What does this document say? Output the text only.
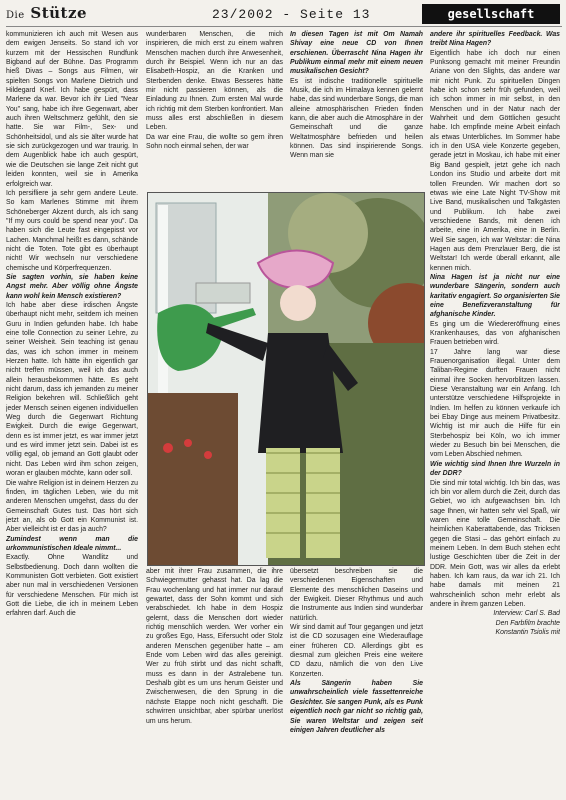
Die Stütze	23/2002 - Seite 13	gesellschaft

kommunizieren ich auch mit Wesen aus dem ewigen Jenseits. So stand ich vor kurzem mit der Hessischen Rundfunk Bigband auf der Bühne. Das Programm hieß Divas – Songs aus Filmen, wir spielten Songs von Marlene Dietrich und Hildegard Knef. Ich habe gespürt, dass Marlene da war. Bevor ich ihr Lied "Near You" sang, habe ich ihre Gegenwart, aber auch ihren Weltschmerz gefühlt, den sie hatte. Sie war Film-, Sex- und Schönheitsidol, und als sie älter wurde hat sie sich zurückgezogen und war traurig. In dem Augenblick habe ich auch gespürt, wie die Deutschen sie lange Zeit nicht gut leiden konnten, weil sie in Amerika erfolgreich war.

Ich persifliere ja sehr gern andere Leute. So kam Marlenes Stimme mit ihrem Schöneberger Akzent durch, als ich sang "If my ours could be spend near you". Da haben sich die Leute fast eingepisst vor Lachen. Manchmal heißt es dann, schände nicht die Toten. Tote gibt es überhaupt nicht! Wir wechseln nur verschiedene chemische und Körperfrequenzen.

Sie sagten vorhin, sie haben keine Angst mehr. Aber völlig ohne Ängste kann wohl kein Mensch existieren?

Ich habe aber diese irdischen Ängste überhaupt nicht mehr, seitdem ich meinen Guru in Indien gefunden habe. Ich habe eine tolle Connection zu seiner Lehre, zu seiner Weisheit. Sein teaching ist genau das, was ich schon immer in meinem Herzen hatte. Ich hätte ihn eigentlich gar nicht treffen müssen, weil ich das auch allein herausbekommen hätte. Es geht nicht darum, dass ich jemanden zu meiner Religion bekehren will. Schließlich geht jeder Mensch seinen eigenen individuellen Weg durch die Gegenwart Richtung Ewigkeit. Durch die ewige Gegenwart, denn es ist immer jetzt, es war immer jetzt und es wird immer jetzt sein. Dabei ist es völlig egal, ob jemand an Gott glaubt oder nicht. Das Leben wird ihm schon zeigen, woran er glauben möchte, kann oder soll.

Die wahre Religion ist in deinem Herzen zu finden, im täglichen Leben, wie du mit anderen Menschen umgehst, dass du der Gemeinschaft Gutes tust. Das hört sich jetzt an, als ob Gott ein Kommunist ist. Aber vielleicht ist er das ja auch?

Zumindest wenn man die urkommunistischen Ideale nimmt...

Exactly. Ohne Wandlitz und Selbstbedienung. Doch dann wollten die Kommunisten Gott verbieten. Gott existiert aber nun mal in verschiedenen Versionen für verschiedene Menschen. Für mich ist Gott die Liebe, die ich in meinem Leben erfahren darf. Auch die

wunderbaren Menschen, die mich inspirieren, die mich erst zu einem wahren Menschen machen durch ihre Anwesenheit, durch ihr Beispiel. Wenn ich nur an das Elisabeth-Hospiz, an die Kranken und Sterbenden denke. Etwas Besseres hätte mir nicht passieren können, als die Einladung zu Ihnen. Zum ersten Mal wurde ich richtig mit dem Sterben konfrontiert. Man muss alles erst abschließen in diesem Leben.

Da war eine Frau, die wollte so gern ihren Sohn noch einmal sehen, der war

In diesen Tagen ist mit Om Namah Shivay eine neue CD von Ihnen erschienen. Überrascht Nina Hagen ihr Publikum einmal mehr mit einem neuen musikalischen Gesicht?

Es ist indische traditionelle spirituelle Musik, die ich im Himalaya kennen gelernt habe, das sind wunderbare Songs, die man alleine atmosphärischen Frieden finden kann, die aber auch die Atmosphäre in der Gemeinschaft und die ganze Weltatmosphäre befrieden und heilen können. Das sind inspirierende Songs. Wenn man sie

andere ihr spirituelles Feedback. Was treibt Nina Hagen?

Eigentlich habe ich doch nur einen Punksong gemacht mit meiner Freundin Ariane von den Slights, das andere war mir nicht Punk. Zu spirituellen Dingen habe ich schon sehr früh gefunden, weil ich schon immer in mir selbst, in den Menschen und in der Natur nach der Wahrheit und dem Göttlichen gesucht habe. Ich empfinde meine Arbeit einfach als etwas Unterbliches. Im Sommer habe ich in den USA viele Konzerte gegeben, gerade jetzt in Moskau, ich habe mit einer Big Band gespielt, jetzt gehe ich nach London ins Studio und arbeite dort mit tollen Freunden. Wir machen dort so etwas wie eine Late Night TV-Show mit Live Band, musikalischen und Talkgästen und Publikum. Ich habe zwei verschiedene Bands, mit denen ich arbeite, eine in Amerika, eine in Berlin. Weil Sie sagen, ich war Weltstar: die Nina Hagen aus dem Prenzlauer Berg, die ist Weltstar! Ich werde überall erkannt, alle kennen mich.

Nina Hagen ist ja nicht nur eine wunderbare Sängerin, sondern auch karitativ engagiert. So organisierten Sie eine Benefizveranstaltung für afghanische Kinder.

Es ging um die Wiedereröffnung eines Krankenhauses, das von afghanischen Frauen betrieben wird.

17 Jahre lang war diese Frauenorganisation illegal. Unter dem Taliban-Regime durften Frauen nicht einmal ihre Socken hervorblitzen lassen. Diese Veranstaltung war ein Anfang. Ich unterstütze verschiedene Hilfsprojekte in Indien. Im helfen zu können verkaufe ich bei Ebay Dinge aus meinem Privatbesitz. Wichtig ist mir auch die Hilfe für ein Sterbehospiz bei Köln, wo ich immer wieder zu Besuch bin bei Menschen, die vom Leben Abschied nehmen.

Wie wichtig sind Ihnen Ihre Wurzeln in der DDR?

Die sind mir total wichtig. Ich bin das, was ich bin vor allem durch die Zeit, durch das Gebiet, wo ich aufgewachsen bin. Ich sage Ihnen, wir hatten sehr viel Spaß, wir waren eine tolle Gemeinschaft. Die heimlichen Kaberattabende, das Tricksen gegen die Stasi – das gehört einfach zu meinem Leben. In dem Buch stehen echt lustige Geschichten über die Zeit in der DDR. Mein Gott, was wir alles da erlebt haben. Ich kam raus, da war ich 21. Ich habe damals mit meinen 21 wahrscheinlich schon mehr erlebt als andere in ihrem ganzen Leben.

Interview: Carl S. Bad

Den Farbfilm brachte

Konstantin Tsiolis mit

aber mit ihrer Frau zusammen, die ihre Schwiegermutter gehasst hat. Da lag die Frau wochenlang und hat immer nur darauf gewartet, dass der Sohn kommt und sich verabschiedet. Ich habe in dem Hospiz gelernt, dass die Menschen dort wieder richtig menschlich werden. Wer vorher ein zu großes Ego, Hass, Eifersucht oder Stolz anderen Menschen gegenüber hatte – am Ende vom Leben wird das alles gereinigt. Wer zu früh stirbt und das nicht schafft, muss es dann in der Astralebene tun. Deshalb gibt es um uns herum Geister und Zwischenwesen, die den Sprung in die nächste Etappe noch nicht geschafft. Die schwirren unsichtbar, aber spürbar unerlöst um uns herum.

übersetzt beschreiben sie die verschiedenen Eigenschaften und Elemente des menschlichen Daseins und der Ewigkeit. Dieser Rhythmus und auch die Instrumente aus Indien sind wunderbar natürlich.

Wir sind damit auf Tour gegangen und jetzt ist die CD sozusagen eine Wiederauflage einer früheren CD. Allerdings gibt es diesmal zum gleichen Preis eine weitere CD dazu, nämlich die von den Live Konzerten.

Als Sängerin haben Sie unwahrscheinlich viele fassettenreiche Gesichter. Sie sangen Punk, als es Punk eigentlich noch gar nicht so richtig gab, Sie waren Weltstar und zeigen seit einigen Jahren deutlicher als
